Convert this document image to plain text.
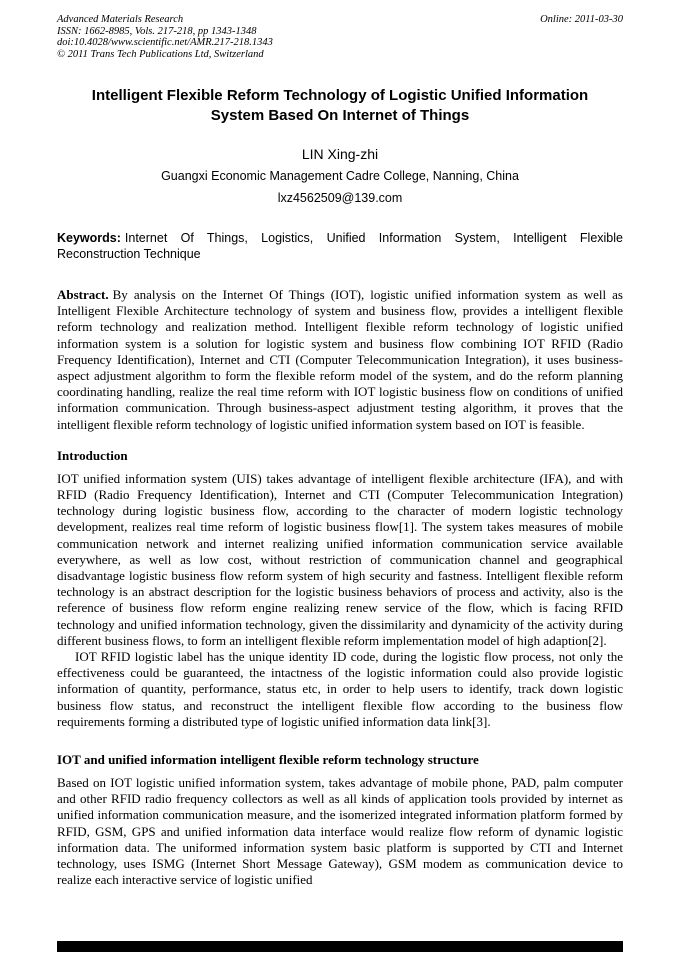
Advanced Materials Research	Online: 2011-03-30
ISSN: 1662-8985, Vols. 217-218, pp 1343-1348
doi:10.4028/www.scientific.net/AMR.217-218.1343
© 2011 Trans Tech Publications Ltd, Switzerland
Intelligent Flexible Reform Technology of Logistic Unified Information System Based On Internet of Things
LIN Xing-zhi
Guangxi Economic Management Cadre College, Nanning, China
lxz4562509@139.com

Keywords: Internet Of Things, Logistics, Unified Information System, Intelligent Flexible Reconstruction Technique

Abstract. By analysis on the Internet Of Things (IOT), logistic unified information system as well as Intelligent Flexible Architecture technology of system and business flow, provides a intelligent flexible reform technology and realization method. Intelligent flexible reform technology of logistic unified information system is a solution for logistic system and business flow combining IOT RFID (Radio Frequency Identification), Internet and CTI (Computer Telecommunication Integration), it uses business-aspect adjustment algorithm to form the flexible reform model of the system, and do the reform planning coordinating handling, realize the real time reform with IOT logistic business flow on conditions of unified information communication. Through business-aspect adjustment testing algorithm, it proves that the intelligent flexible reform technology of logistic unified information system based on IOT is feasible.

Introduction

IOT unified information system (UIS) takes advantage of intelligent flexible architecture (IFA), and with RFID (Radio Frequency Identification), Internet and CTI (Computer Telecommunication Integration) technology during logistic business flow, according to the character of modern logistic technology development, realizes real time reform of logistic business flow[1]. The system takes measures of mobile communication network and internet realizing unified information communication service available everywhere, as well as low cost, without restriction of communication channel and geographical disadvantage logistic business flow reform system of high security and fastness. Intelligent flexible reform technology is an abstract description for the logistic business behaviors of process and activity, also is the reference of business flow reform engine realizing renew service of the flow, which is facing RFID technology and unified information technology, given the dissimilarity and dynamicity of the activity during different business flows, to form an intelligent flexible reform implementation model of high adaption[2].

IOT RFID logistic label has the unique identity ID code, during the logistic flow process, not only the effectiveness could be guaranteed, the intactness of the logistic information could also provide logistic information of quantity, performance, status etc, in order to help users to identify, track down logistic business flow status, and reconstruct the intelligent flexible flow according to the business flow requirements forming a distributed type of logistic unified information data link[3].

IOT and unified information intelligent flexible reform technology structure

Based on IOT logistic unified information system, takes advantage of mobile phone, PAD, palm computer and other RFID radio frequency collectors as well as all kinds of application tools provided by internet as unified information communication measure, and the isomerized integrated information platform formed by RFID, GSM, GPS and unified information data interface would realize flow reform of dynamic logistic information data. The uniformed information system basic platform is supported by CTI and Internet technology, uses ISMG (Internet Short Message Gateway), GSM modem as communication device to realize each interactive service of logistic unified
